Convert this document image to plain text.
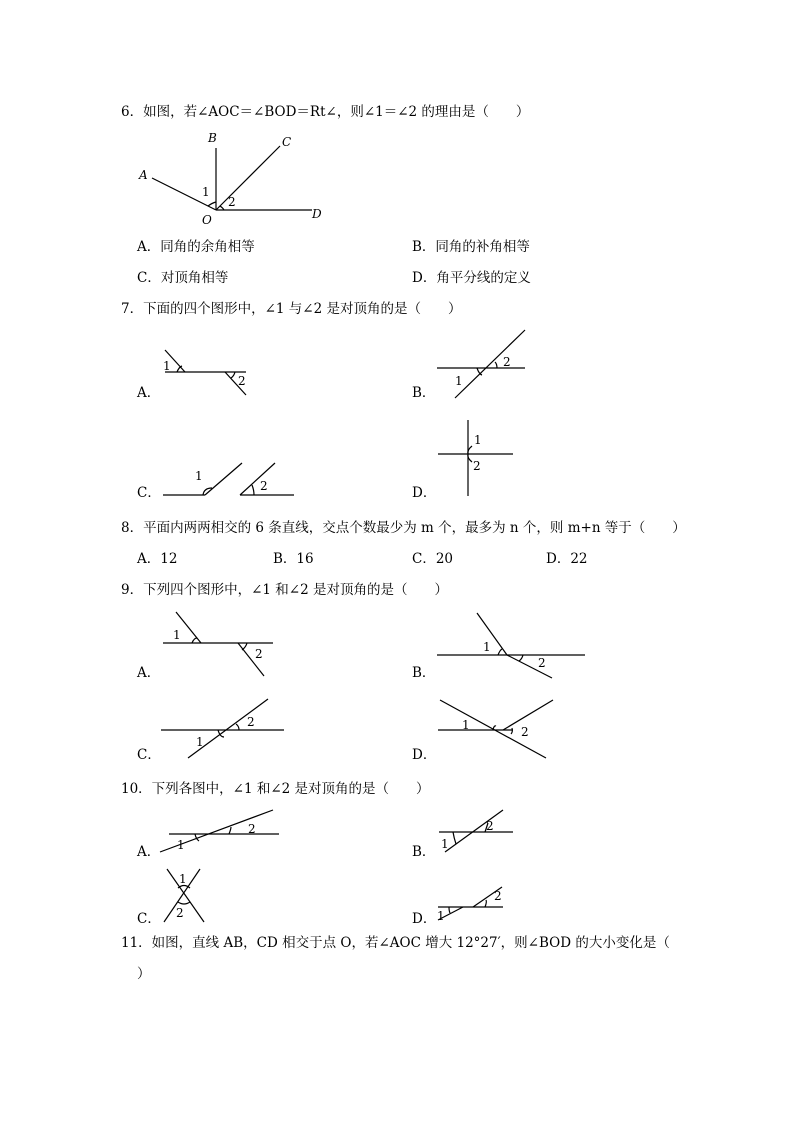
6．如图，若∠AOC＝∠BOD＝Rt∠，则∠1＝∠2 的理由是（　　）
A
B	C
D
O
1
2
A．同角的余角相等	B．同角的补角相等
C．对顶角相等	D．角平分线的定义
7．下面的四个图形中，∠1 与∠2 是对顶角的是（　　）
A．
1
2
B．
1
2
C．
1
2	D．
1
2
8．平面内两两相交的 6 条直线，交点个数最少为 m 个，最多为 n 个，则 m+n 等于（　　）
A．12	B．16	C．20	D．22
9．下列四个图形中，∠1 和∠2 是对顶角的是（　　）
A．
1
2
B．
1
2
C．
1
2
D．
1	2
10．下列各图中，∠1 和∠2 是对顶角的是（　　）
A． 1
2
B． 1
2
C．
1
2	D． 1
2
11．如图，直线 AB，CD 相交于点 O，若∠AOC 增大 12°27′，则∠BOD 的大小变化是（
）
